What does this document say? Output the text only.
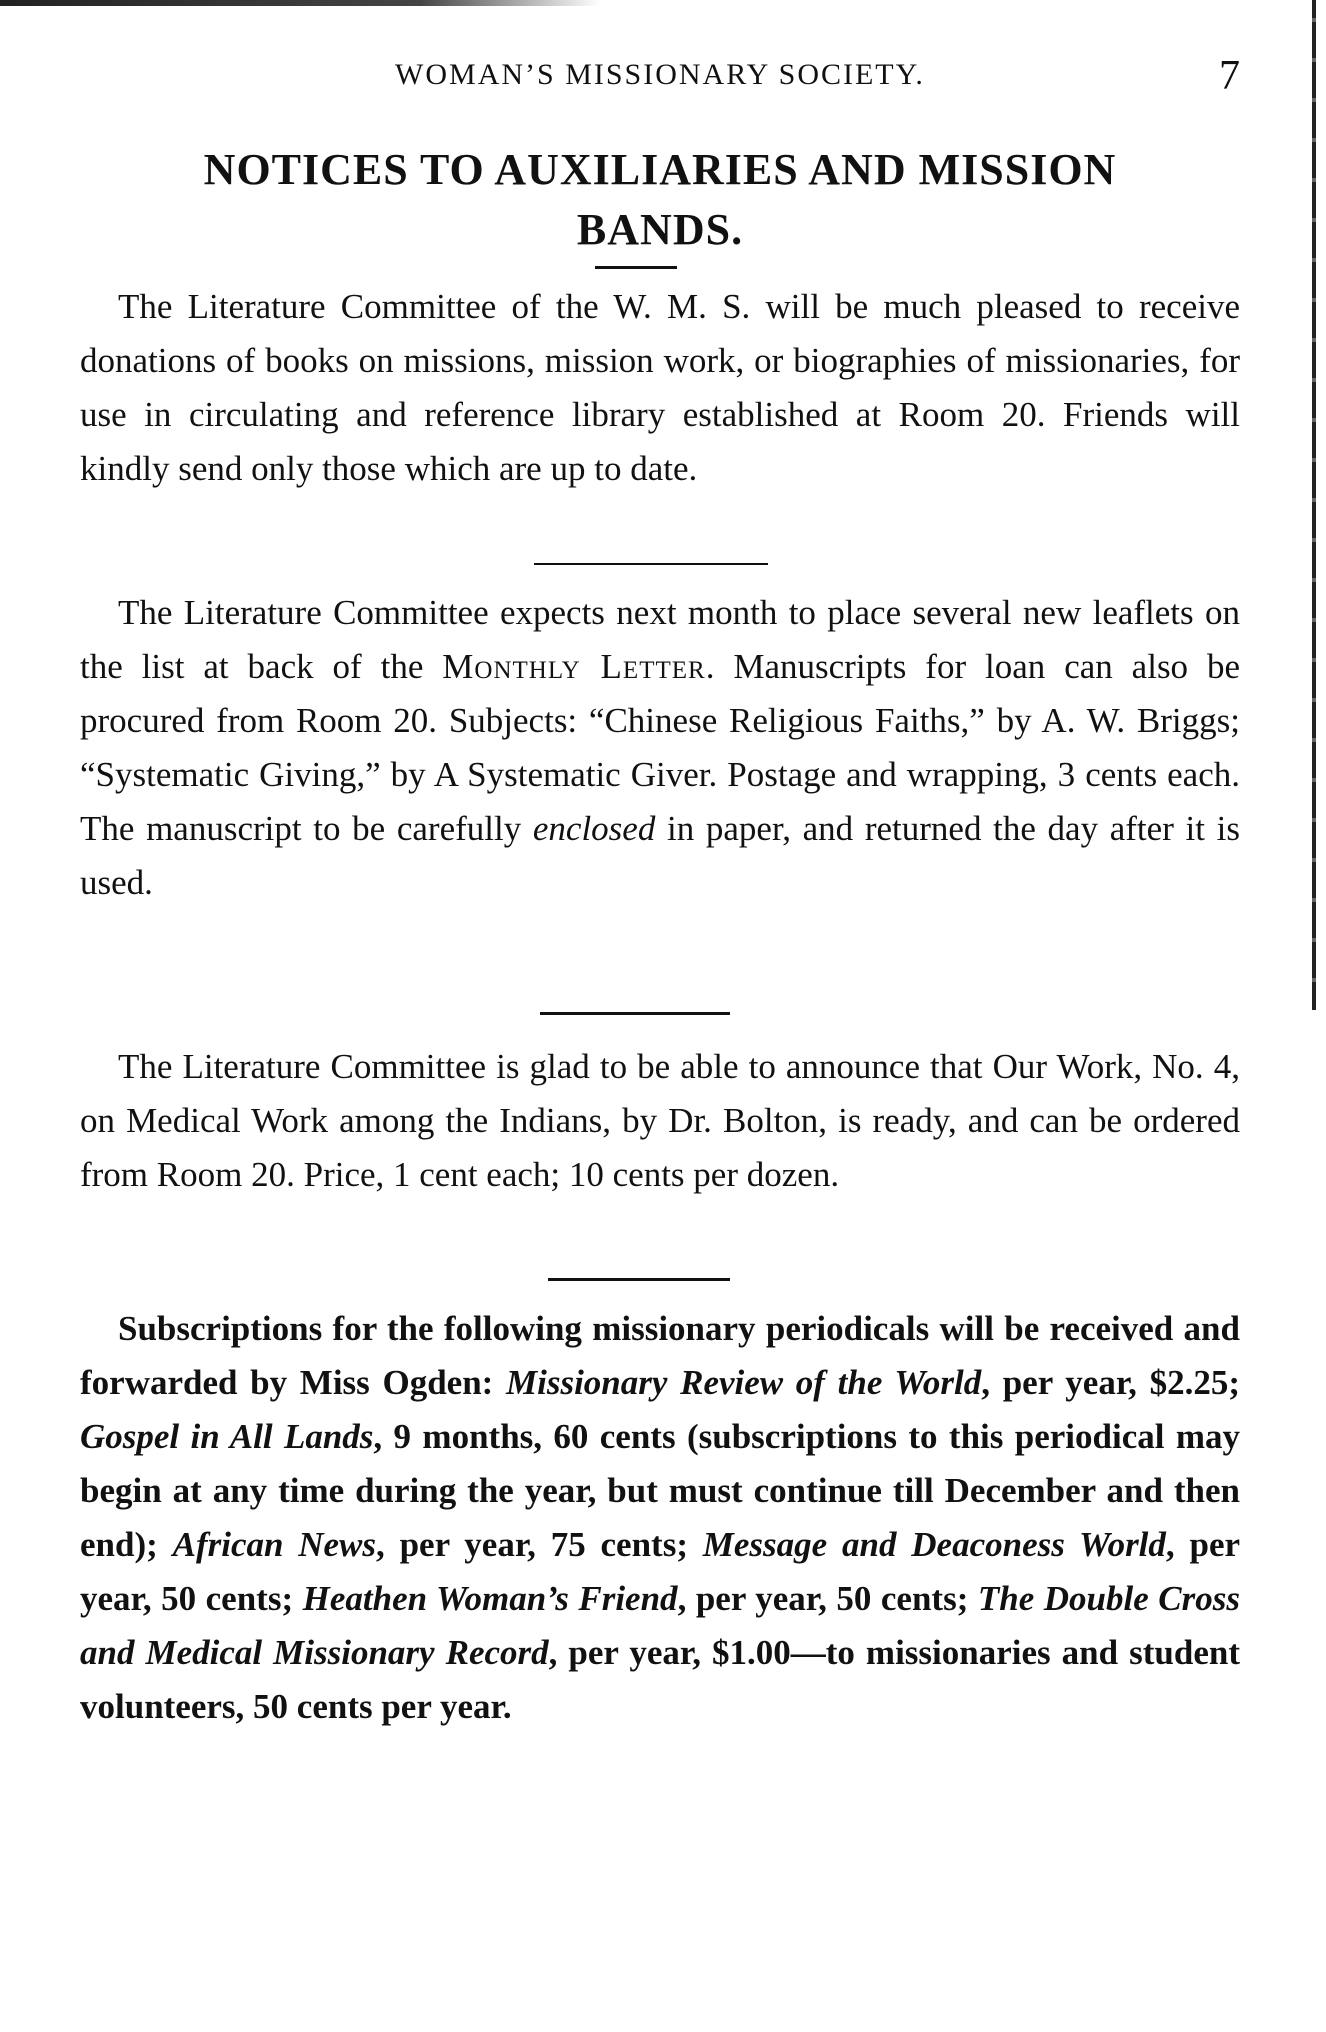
WOMAN’S MISSIONARY SOCIETY.	7
NOTICES TO AUXILIARIES AND MISSION
BANDS.

The Literature Committee of the W. M. S. will be much pleased to receive donations of books on missions, mission work, or biographies of missionaries, for use in circulating and reference library established at Room 20. Friends will kindly send only those which are up to date.

The Literature Committee expects next month to place several new leaflets on the list at back of the Monthly Letter. Manuscripts for loan can also be procured from Room 20. Subjects: “Chinese Religious Faiths,” by A. W. Briggs; “Systematic Giving,” by A Systematic Giver. Postage and wrapping, 3 cents each. The manuscript to be carefully enclosed in paper, and returned the day after it is used.

The Literature Committee is glad to be able to announce that Our Work, No. 4, on Medical Work among the Indians, by Dr. Bolton, is ready, and can be ordered from Room 20. Price, 1 cent each; 10 cents per dozen.

Subscriptions for the following missionary periodicals will be received and forwarded by Miss Ogden: Missionary Review of the World, per year, $2.25; Gospel in All Lands, 9 months, 60 cents (subscriptions to this periodical may begin at any time during the year, but must continue till December and then end); African News, per year, 75 cents; Message and Deaconess World, per year, 50 cents; Heathen Woman’s Friend, per year, 50 cents; The Double Cross and Medical Missionary Record, per year, $1.00—to missionaries and student volunteers, 50 cents per year.
